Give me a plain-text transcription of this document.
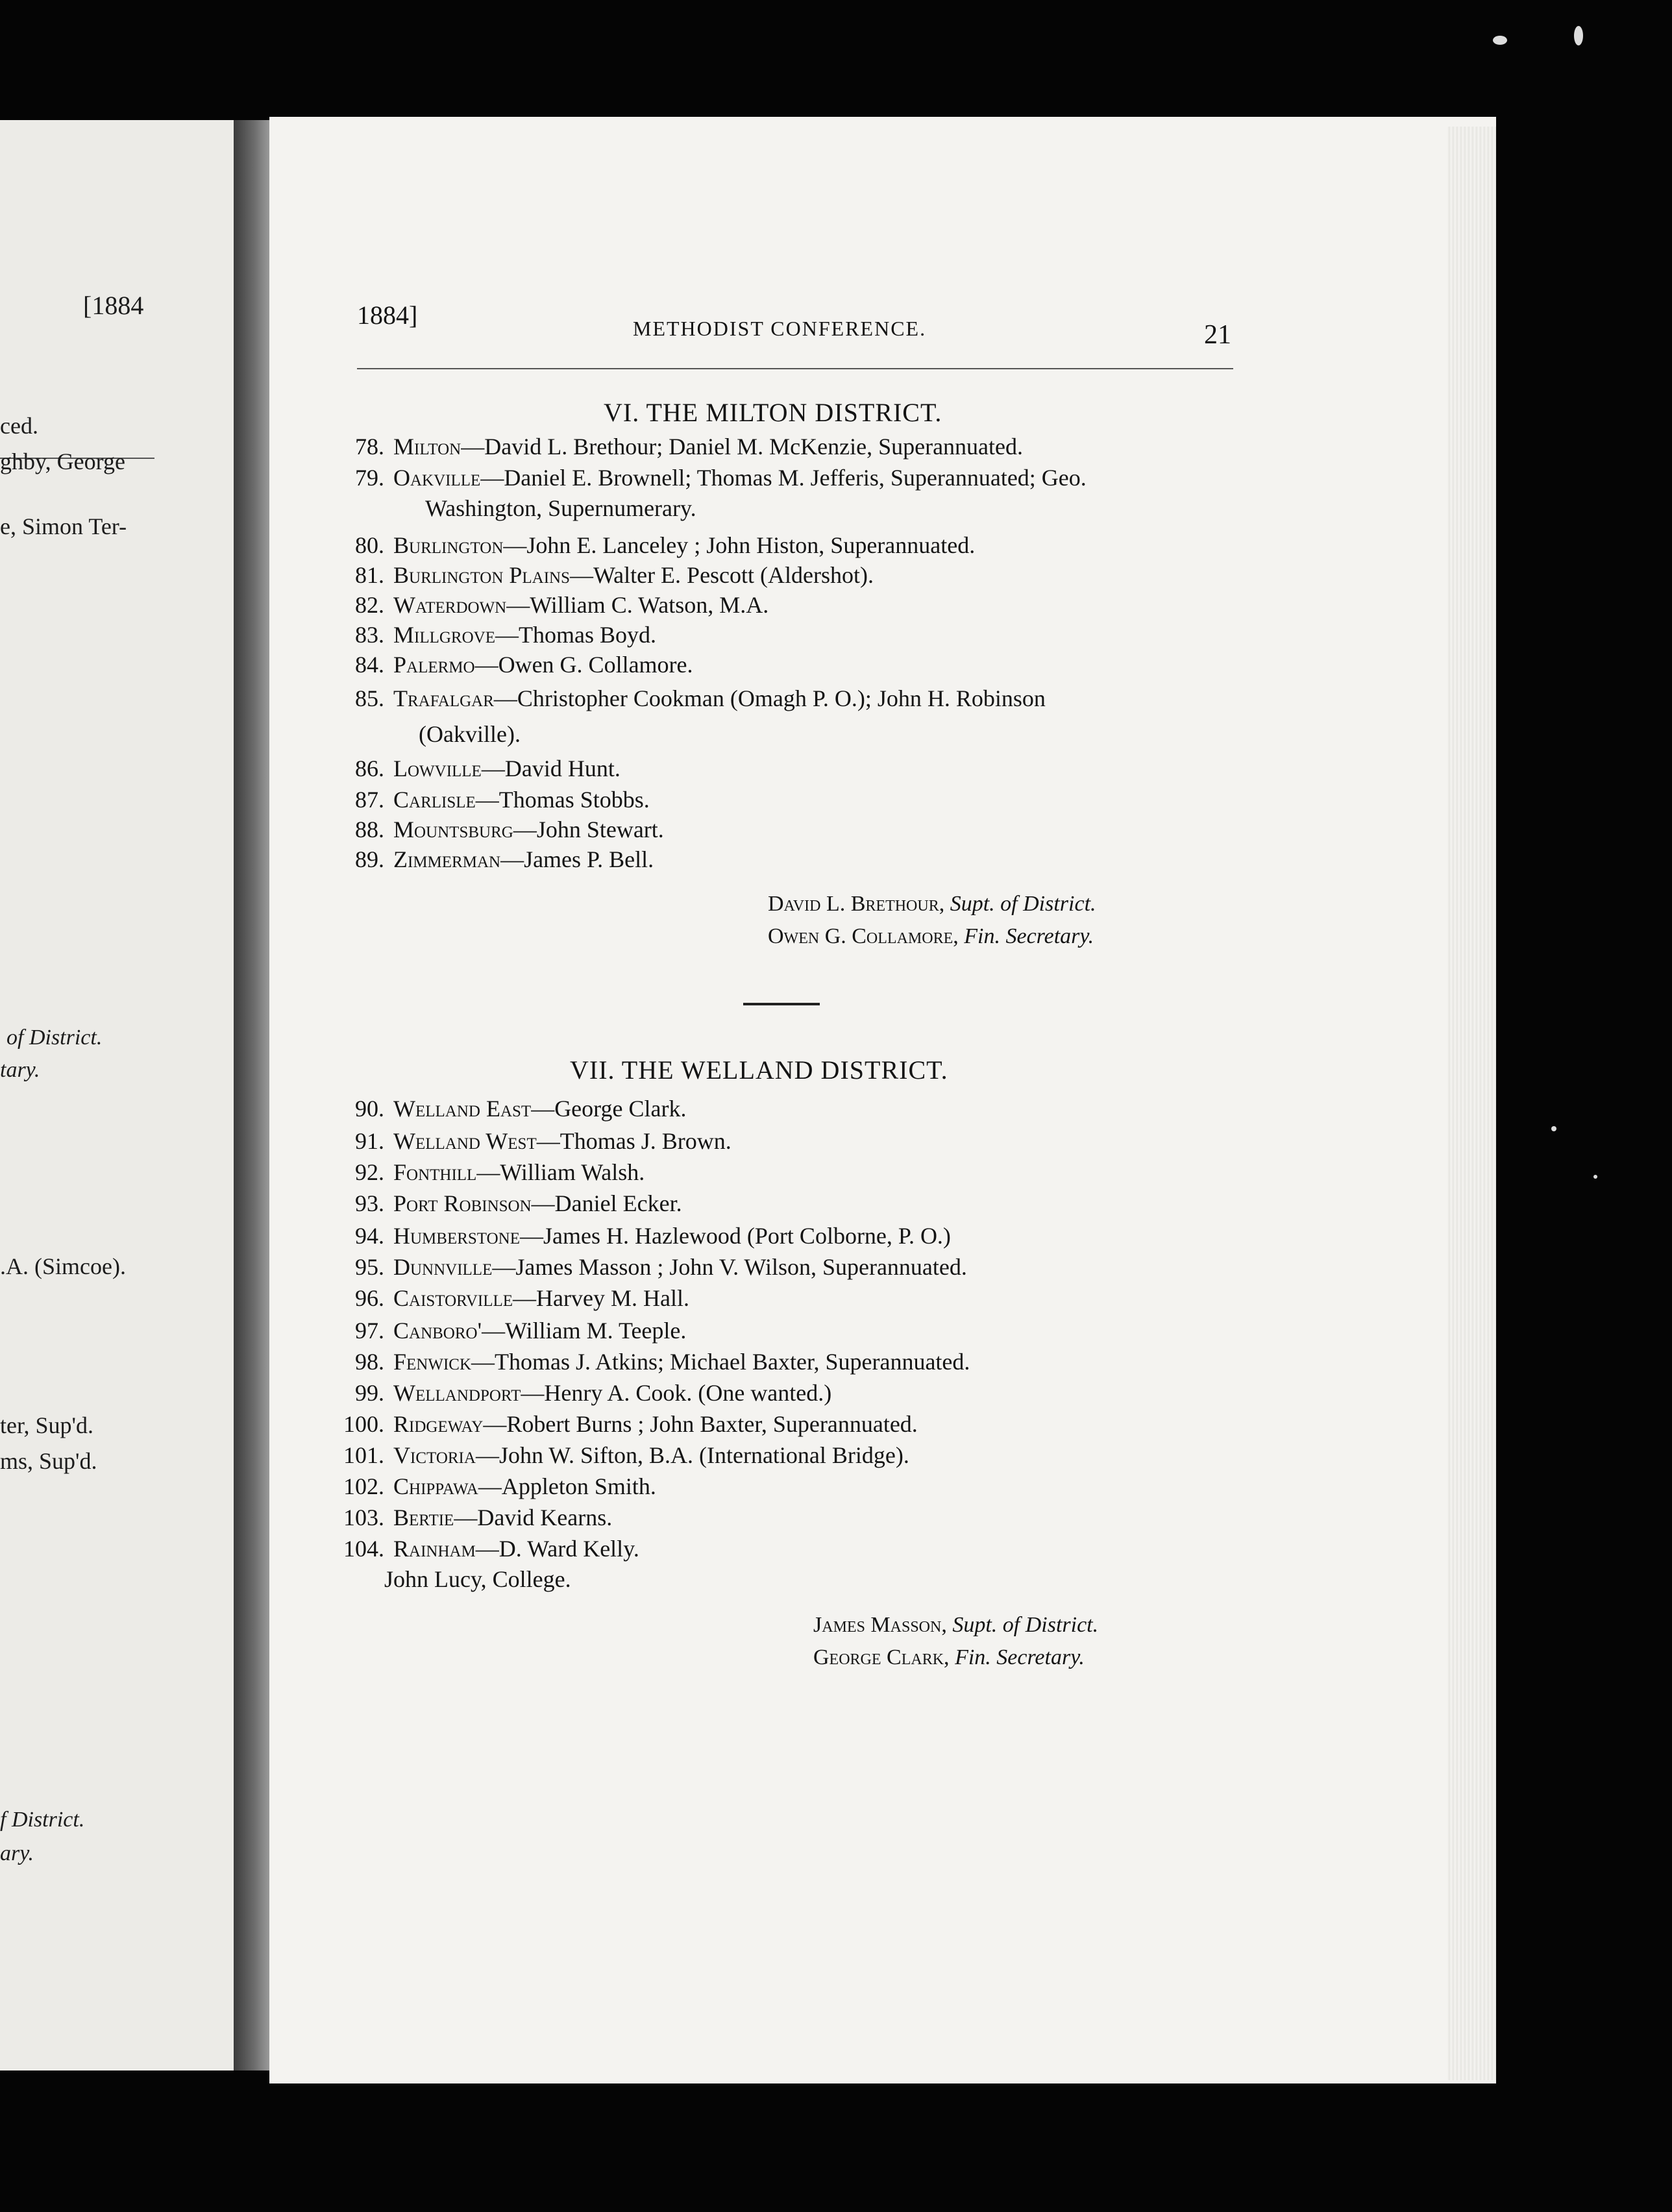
[1884
ced.
ghby, George
e, Simon Ter-
of District.
tary.
.A. (Simcoe).
ter, Sup'd.
ms, Sup'd.
f District.
ary.
1884]	METHODIST CONFERENCE.	21
VI. THE MILTON DISTRICT.
78. Milton—David L. Brethour; Daniel M. McKenzie, Superannuated.
79. Oakville—Daniel E. Brownell; Thomas M. Jefferis, Superannuated; Geo.
Washington, Supernumerary.
80. Burlington—John E. Lanceley ; John Histon, Superannuated.
81. Burlington Plains—Walter E. Pescott (Aldershot).
82. Waterdown—William C. Watson, M.A.
83. Millgrove—Thomas Boyd.
84. Palermo—Owen G. Collamore.
85. Trafalgar—Christopher Cookman (Omagh P. O.); John H. Robinson
(Oakville).
86. Lowville—David Hunt.
87. Carlisle—Thomas Stobbs.
88. Mountsburg—John Stewart.
89. Zimmerman—James P. Bell.
David L. Brethour, Supt. of District.
Owen G. Collamore, Fin. Secretary.
VII. THE WELLAND DISTRICT.
90. Welland East—George Clark.
91. Welland West—Thomas J. Brown.
92. Fonthill—William Walsh.
93. Port Robinson—Daniel Ecker.
94. Humberstone—James H. Hazlewood (Port Colborne, P. O.)
95. Dunnville—James Masson ; John V. Wilson, Superannuated.
96. Caistorville—Harvey M. Hall.
97. Canboro'—William M. Teeple.
98. Fenwick—Thomas J. Atkins; Michael Baxter, Superannuated.
99. Wellandport—Henry A. Cook. (One wanted.)
100. Ridgeway—Robert Burns ; John Baxter, Superannuated.
101. Victoria—John W. Sifton, B.A. (International Bridge).
102. Chippawa—Appleton Smith.
103. Bertie—David Kearns.
104. Rainham—D. Ward Kelly.
John Lucy, College.
James Masson, Supt. of District.
George Clark, Fin. Secretary.
